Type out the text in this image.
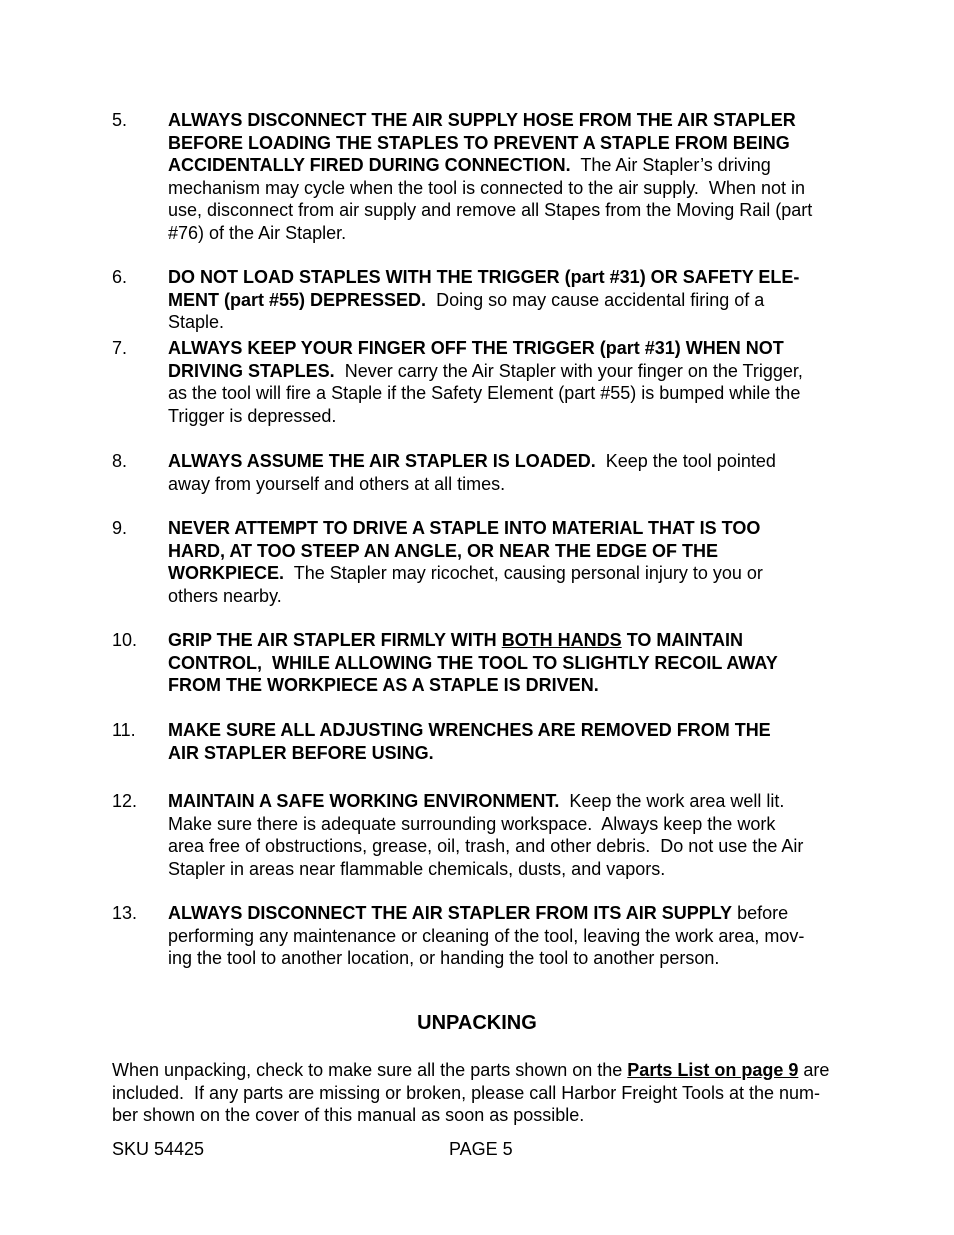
5. ALWAYS DISCONNECT THE AIR SUPPLY HOSE FROM THE AIR STAPLER

BEFORE LOADING THE STAPLES TO PREVENT A STAPLE FROM BEING

ACCIDENTALLY FIRED DURING CONNECTION.  The Air Stapler’s driving

mechanism may cycle when the tool is connected to the air supply.  When not in

use, disconnect from air supply and remove all Stapes from the Moving Rail (part

#76) of the Air Stapler.

6. DO NOT LOAD STAPLES WITH THE TRIGGER (part #31) OR SAFETY ELE-

MENT (part #55) DEPRESSED.  Doing so may cause accidental firing of a

Staple.

7. ALWAYS KEEP YOUR FINGER OFF THE TRIGGER (part #31) WHEN NOT

DRIVING STAPLES.  Never carry the Air Stapler with your finger on the Trigger,

as the tool will fire a Staple if the Safety Element (part #55) is bumped while the

Trigger is depressed.

8. ALWAYS ASSUME THE AIR STAPLER IS LOADED.  Keep the tool pointed

away from yourself and others at all times.

9. NEVER ATTEMPT TO DRIVE A STAPLE INTO MATERIAL THAT IS TOO

HARD, AT TOO STEEP AN ANGLE, OR NEAR THE EDGE OF THE

WORKPIECE.  The Stapler may ricochet, causing personal injury to you or

others nearby.

10. GRIP THE AIR STAPLER FIRMLY WITH BOTH HANDS TO MAINTAIN

CONTROL,  WHILE ALLOWING THE TOOL TO SLIGHTLY RECOIL AWAY

FROM THE WORKPIECE AS A STAPLE IS DRIVEN.

11. MAKE SURE ALL ADJUSTING WRENCHES ARE REMOVED FROM THE

AIR STAPLER BEFORE USING.

12. MAINTAIN A SAFE WORKING ENVIRONMENT.  Keep the work area well lit.

Make sure there is adequate surrounding workspace.  Always keep the work

area free of obstructions, grease, oil, trash, and other debris.  Do not use the Air

Stapler in areas near flammable chemicals, dusts, and vapors.

13. ALWAYS DISCONNECT THE AIR STAPLER FROM ITS AIR SUPPLY before

performing any maintenance or cleaning of the tool, leaving the work area, mov-

ing the tool to another location, or handing the tool to another person.

UNPACKING

When unpacking, check to make sure all the parts shown on the Parts List on page 9 are

included.  If any parts are missing or broken, please call Harbor Freight Tools at the num-

ber shown on the cover of this manual as soon as possible.

SKU 54425	PAGE 5
